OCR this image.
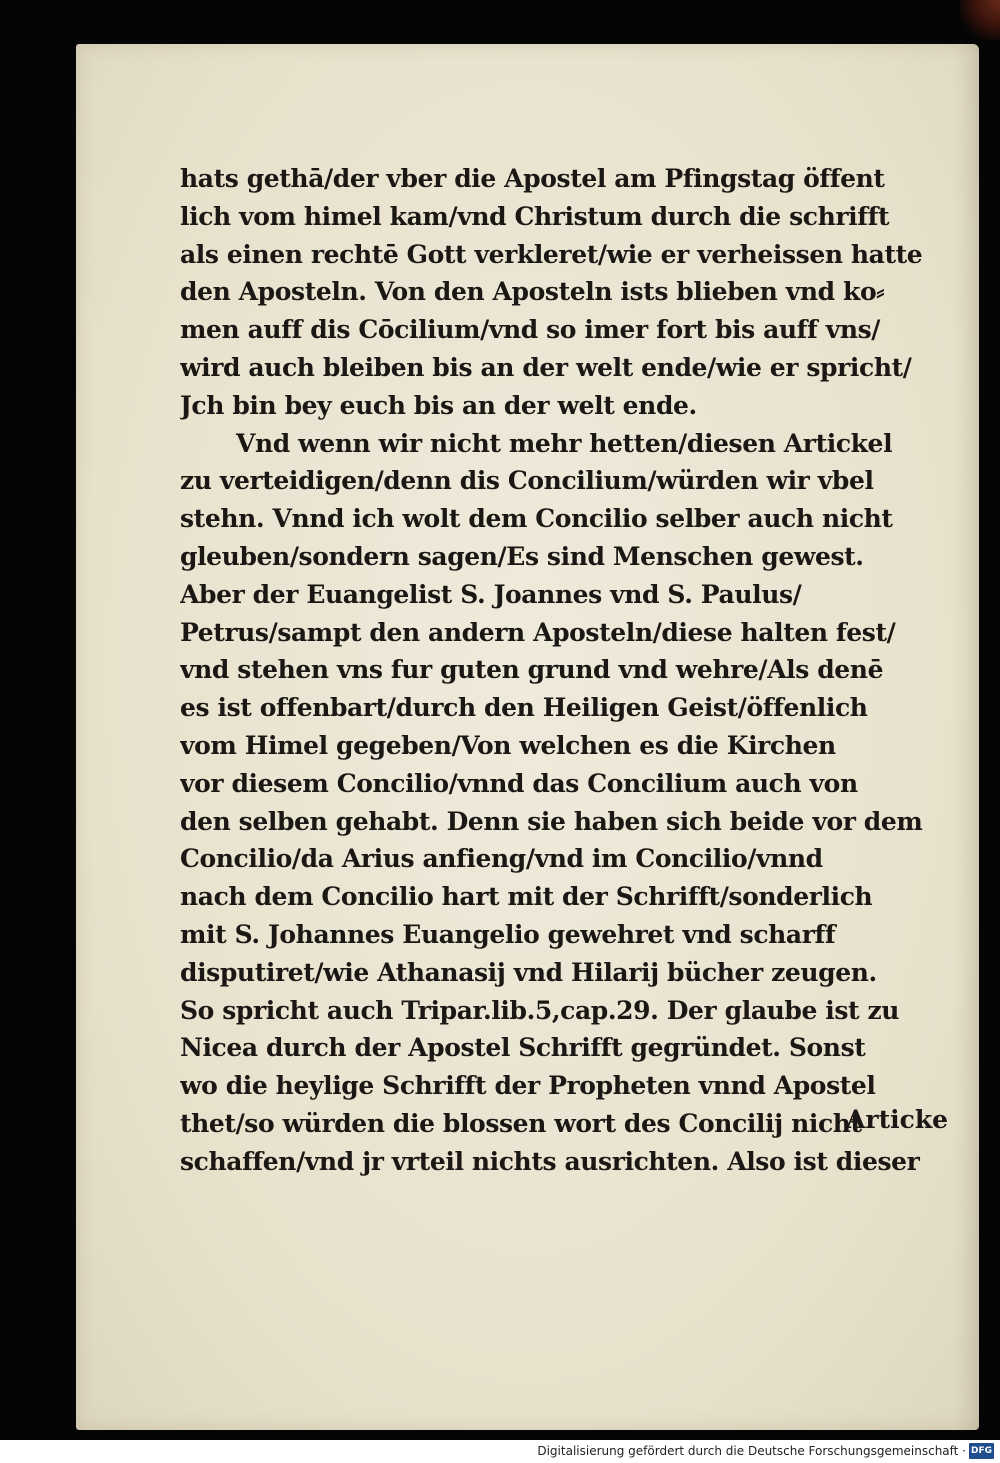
hats gethā/der vber die Apostel am Pfingstag öffent
lich vom himel kam/vnd Christum durch die schrifft
als einen rechtē Gott verkleret/wie er verheissen hatte
den Aposteln. Von den Aposteln ists blieben vnd ko⸗
men auff dis Cōcilium/vnd so imer fort bis auff vns/
wird auch bleiben bis an der welt ende/wie er spricht/
Jch bin bey euch bis an der welt ende.
Vnd wenn wir nicht mehr hetten/diesen Artickel
zu verteidigen/denn dis Concilium/würden wir vbel
stehn. Vnnd ich wolt dem Concilio selber auch nicht
gleuben/sondern sagen/Es sind Menschen gewest.
Aber der Euangelist S. Joannes vnd S. Paulus/
Petrus/sampt den andern Aposteln/diese halten fest/
vnd stehen vns fur guten grund vnd wehre/Als denē
es ist offenbart/durch den Heiligen Geist/öffenlich
vom Himel gegeben/Von welchen es die Kirchen
vor diesem Concilio/vnnd das Concilium auch von
den selben gehabt. Denn sie haben sich beide vor dem
Concilio/da Arius anfieng/vnd im Concilio/vnnd
nach dem Concilio hart mit der Schrifft/sonderlich
mit S. Johannes Euangelio gewehret vnd scharff
disputiret/wie Athanasij vnd Hilarij bücher zeugen.
So spricht auch Tripar.lib.5,cap.29. Der glaube ist zu
Nicea durch der Apostel Schrifft gegründet. Sonst
wo die heylige Schrifft der Propheten vnnd Apostel
thet/so würden die blossen wort des Concilij nicht
schaffen/vnd jr vrteil nichts ausrichten. Also ist dieser
Articke
Digitalisierung gefördert durch die Deutsche Forschungsgemeinschaft · DFG
